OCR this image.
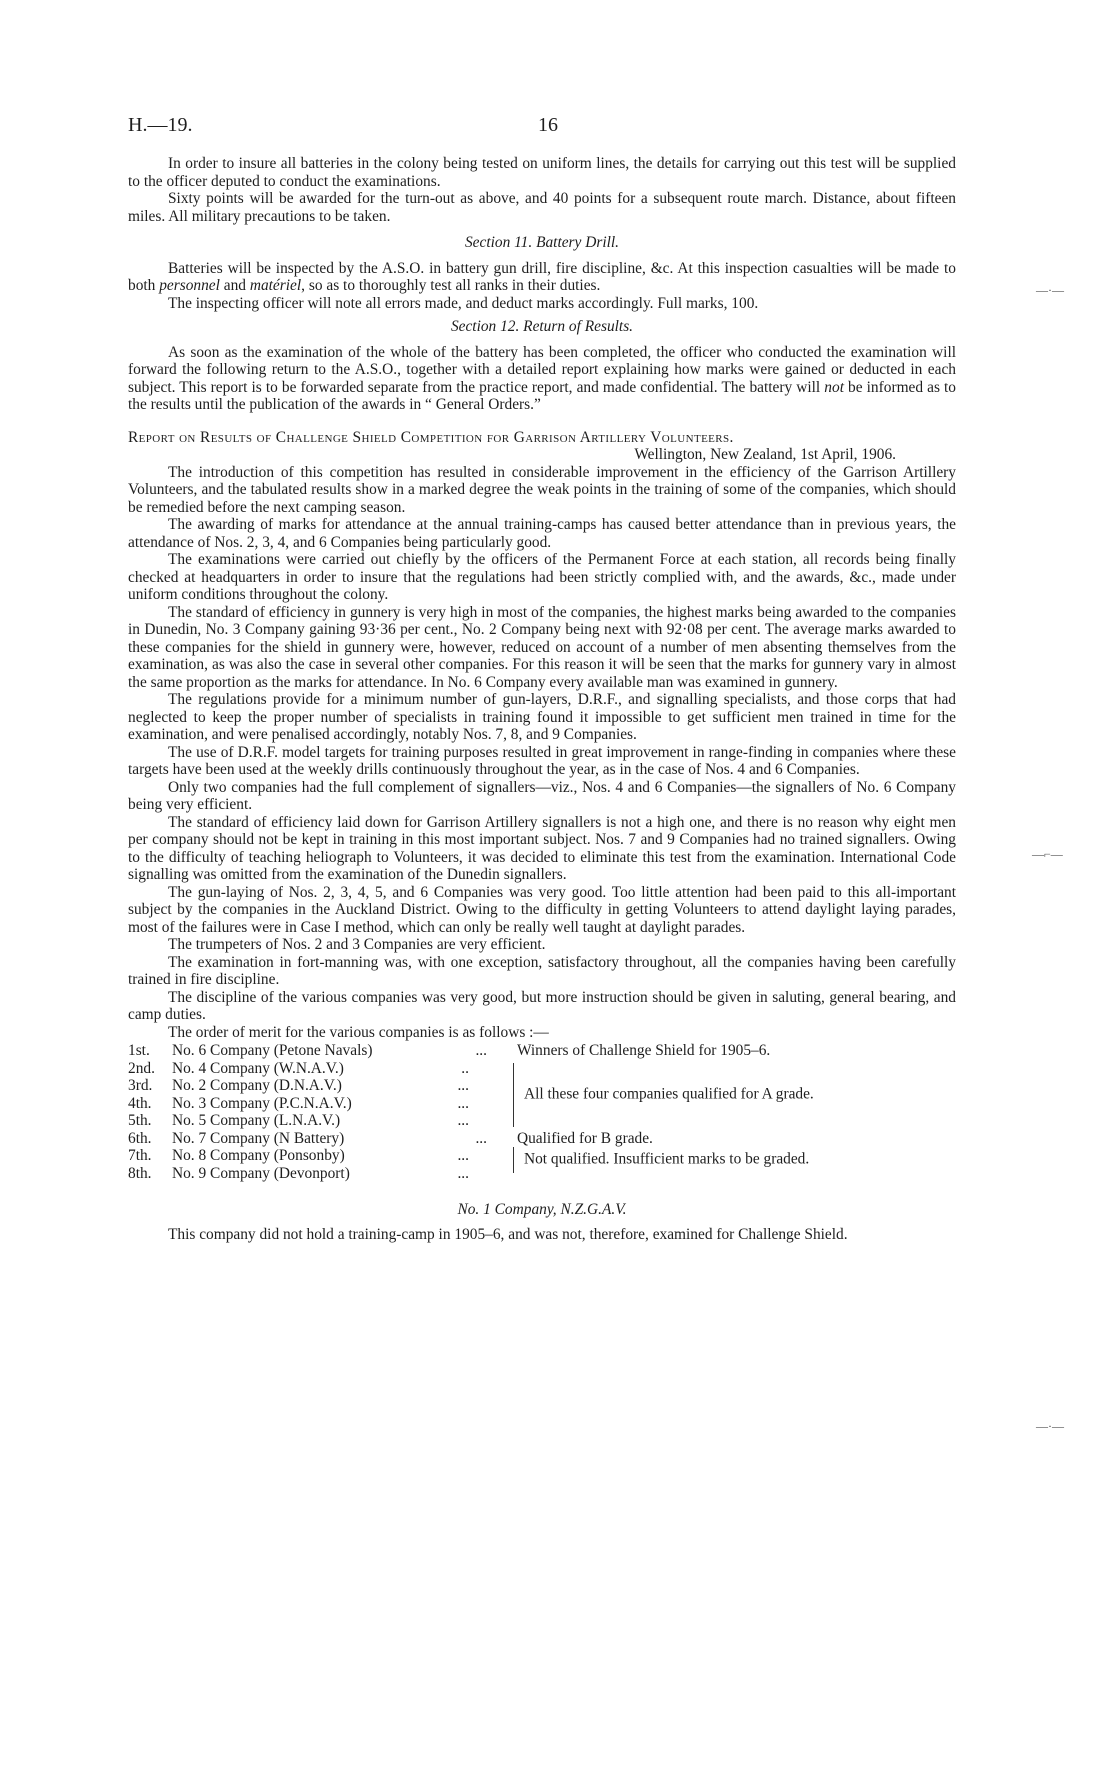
H.—19.	16
—·—
—⌐—
—·—

In order to insure all batteries in the colony being tested on uniform lines, the details for carrying out this test will be supplied to the officer deputed to conduct the examinations.

Sixty points will be awarded for the turn-out as above, and 40 points for a subsequent route march. Distance, about fifteen miles. All military precautions to be taken.

Section 11. Battery Drill.

Batteries will be inspected by the A.S.O. in battery gun drill, fire discipline, &c. At this inspection casualties will be made to both personnel and matériel, so as to thoroughly test all ranks in their duties.

The inspecting officer will note all errors made, and deduct marks accordingly. Full marks, 100.

Section 12. Return of Results.

As soon as the examination of the whole of the battery has been completed, the officer who conducted the examination will forward the following return to the A.S.O., together with a detailed report explaining how marks were gained or deducted in each subject. This report is to be forwarded separate from the practice report, and made confidential. The battery will not be informed as to the results until the publication of the awards in “ General Orders.”

Report on Results of Challenge Shield Competition for Garrison Artillery Volunteers.

Wellington, New Zealand, 1st April, 1906.

The introduction of this competition has resulted in considerable improvement in the efficiency of the Garrison Artillery Volunteers, and the tabulated results show in a marked degree the weak points in the training of some of the companies, which should be remedied before the next camping season.

The awarding of marks for attendance at the annual training-camps has caused better attendance than in previous years, the attendance of Nos. 2, 3, 4, and 6 Companies being particularly good.

The examinations were carried out chiefly by the officers of the Permanent Force at each station, all records being finally checked at headquarters in order to insure that the regulations had been strictly complied with, and the awards, &c., made under uniform conditions throughout the colony.

The standard of efficiency in gunnery is very high in most of the companies, the highest marks being awarded to the companies in Dunedin, No. 3 Company gaining 93·36 per cent., No. 2 Company being next with 92·08 per cent. The average marks awarded to these companies for the shield in gunnery were, however, reduced on account of a number of men absenting themselves from the examination, as was also the case in several other companies. For this reason it will be seen that the marks for gunnery vary in almost the same proportion as the marks for attendance. In No. 6 Company every available man was examined in gunnery.

The regulations provide for a minimum number of gun-layers, D.R.F., and signalling specialists, and those corps that had neglected to keep the proper number of specialists in training found it impossible to get sufficient men trained in time for the examination, and were penalised accordingly, notably Nos. 7, 8, and 9 Companies.

The use of D.R.F. model targets for training purposes resulted in great improvement in range-finding in companies where these targets have been used at the weekly drills continuously throughout the year, as in the case of Nos. 4 and 6 Companies.

Only two companies had the full complement of signallers—viz., Nos. 4 and 6 Companies—the signallers of No. 6 Company being very efficient.

The standard of efficiency laid down for Garrison Artillery signallers is not a high one, and there is no reason why eight men per company should not be kept in training in this most important subject. Nos. 7 and 9 Companies had no trained signallers. Owing to the difficulty of teaching heliograph to Volunteers, it was decided to eliminate this test from the examination. International Code signalling was omitted from the examination of the Dunedin signallers.

The gun-laying of Nos. 2, 3, 4, 5, and 6 Companies was very good. Too little attention had been paid to this all-important subject by the companies in the Auckland District. Owing to the difficulty in getting Volunteers to attend daylight laying parades, most of the failures were in Case I method, which can only be really well taught at daylight parades.

The trumpeters of Nos. 2 and 3 Companies are very efficient.

The examination in fort-manning was, with one exception, satisfactory throughout, all the companies having been carefully trained in fire discipline.

The discipline of the various companies was very good, but more instruction should be given in saluting, general bearing, and camp duties.

The order of merit for the various companies is as follows :—

1st.	No. 6 Company (Petone Navals) ...	Winners of Challenge Shield for 1905–6.
2nd.	No. 4 Company (W.N.A.V.) ..	All these four companies qualified for A grade.
3rd.	No. 2 Company (D.N.A.V.) ...	

4th.	No. 3 Company (P.C.N.A.V.) ...	

5th.	No. 5 Company (L.N.A.V.) ...	

6th.	No. 7 Company (N Battery) ...	Qualified for B grade.
7th.	No. 8 Company (Ponsonby) ...	Not qualified. Insufficient marks to be graded.
8th.	No. 9 Company (Devonport) ...	
No. 1 Company, N.Z.G.A.V.

This company did not hold a training-camp in 1905–6, and was not, therefore, examined for Challenge Shield.
